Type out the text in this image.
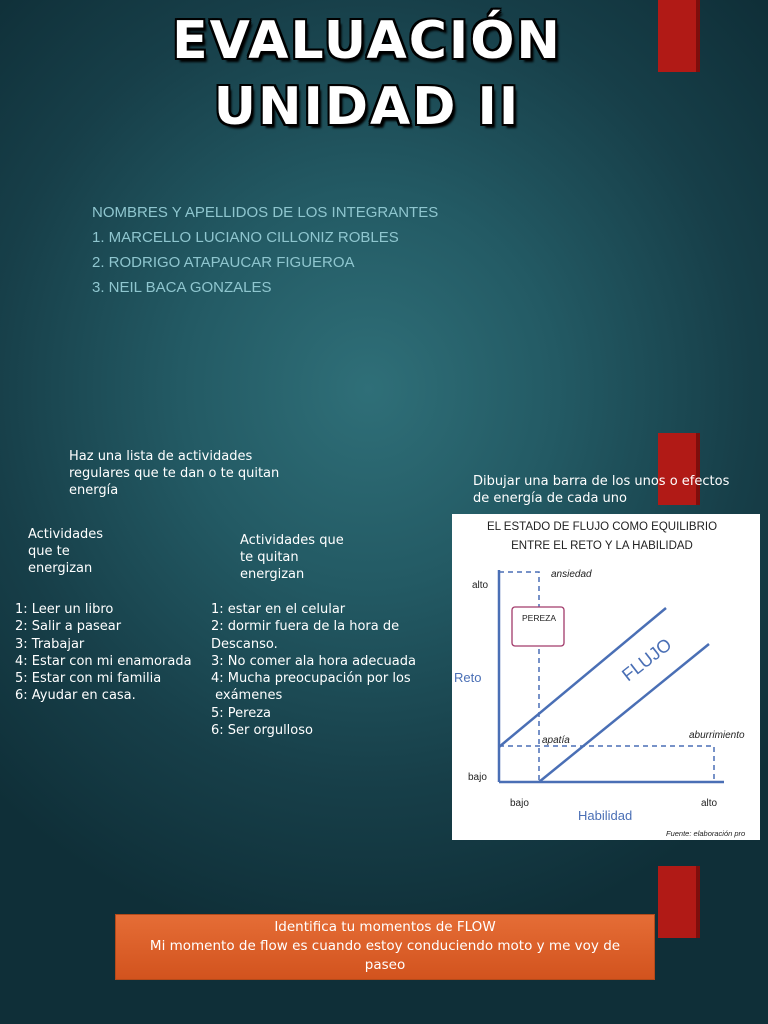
EVALUACIÓN
UNIDAD II
NOMBRES Y APELLIDOS DE LOS INTEGRANTES
1. MARCELLO LUCIANO CILLONIZ ROBLES
2. RODRIGO ATAPAUCAR FIGUEROA
3. NEIL BACA GONZALES
Haz una lista de actividades
regulares que te dan o te quitan
energía
Actividades
que te
energizan
1: Leer un libro
2: Salir a pasear
3: Trabajar
4: Estar con mi enamorada
5: Estar con mi familia
6: Ayudar en casa.
Actividades que
te quitan
energizan
1: estar en el celular
2: dormir fuera de la hora de
Descanso.
3: No comer ala hora adecuada
4: Mucha preocupación por los
exámenes
5: Pereza
6: Ser orgulloso
Dibujar una barra de los unos o efectos
de energía de cada uno
EL ESTADO DE FLUJO COMO EQUILIBRIO
ENTRE EL RETO Y LA HABILIDAD
alto
bajo
bajo	alto
Reto
Habilidad
ansiedad
apatía	aburrimiento
FLUJO
Fuente: elaboración pro
PEREZA
Identifica tu momentos de FLOW
Mi momento de flow es cuando estoy conduciendo moto y me voy de
paseo
